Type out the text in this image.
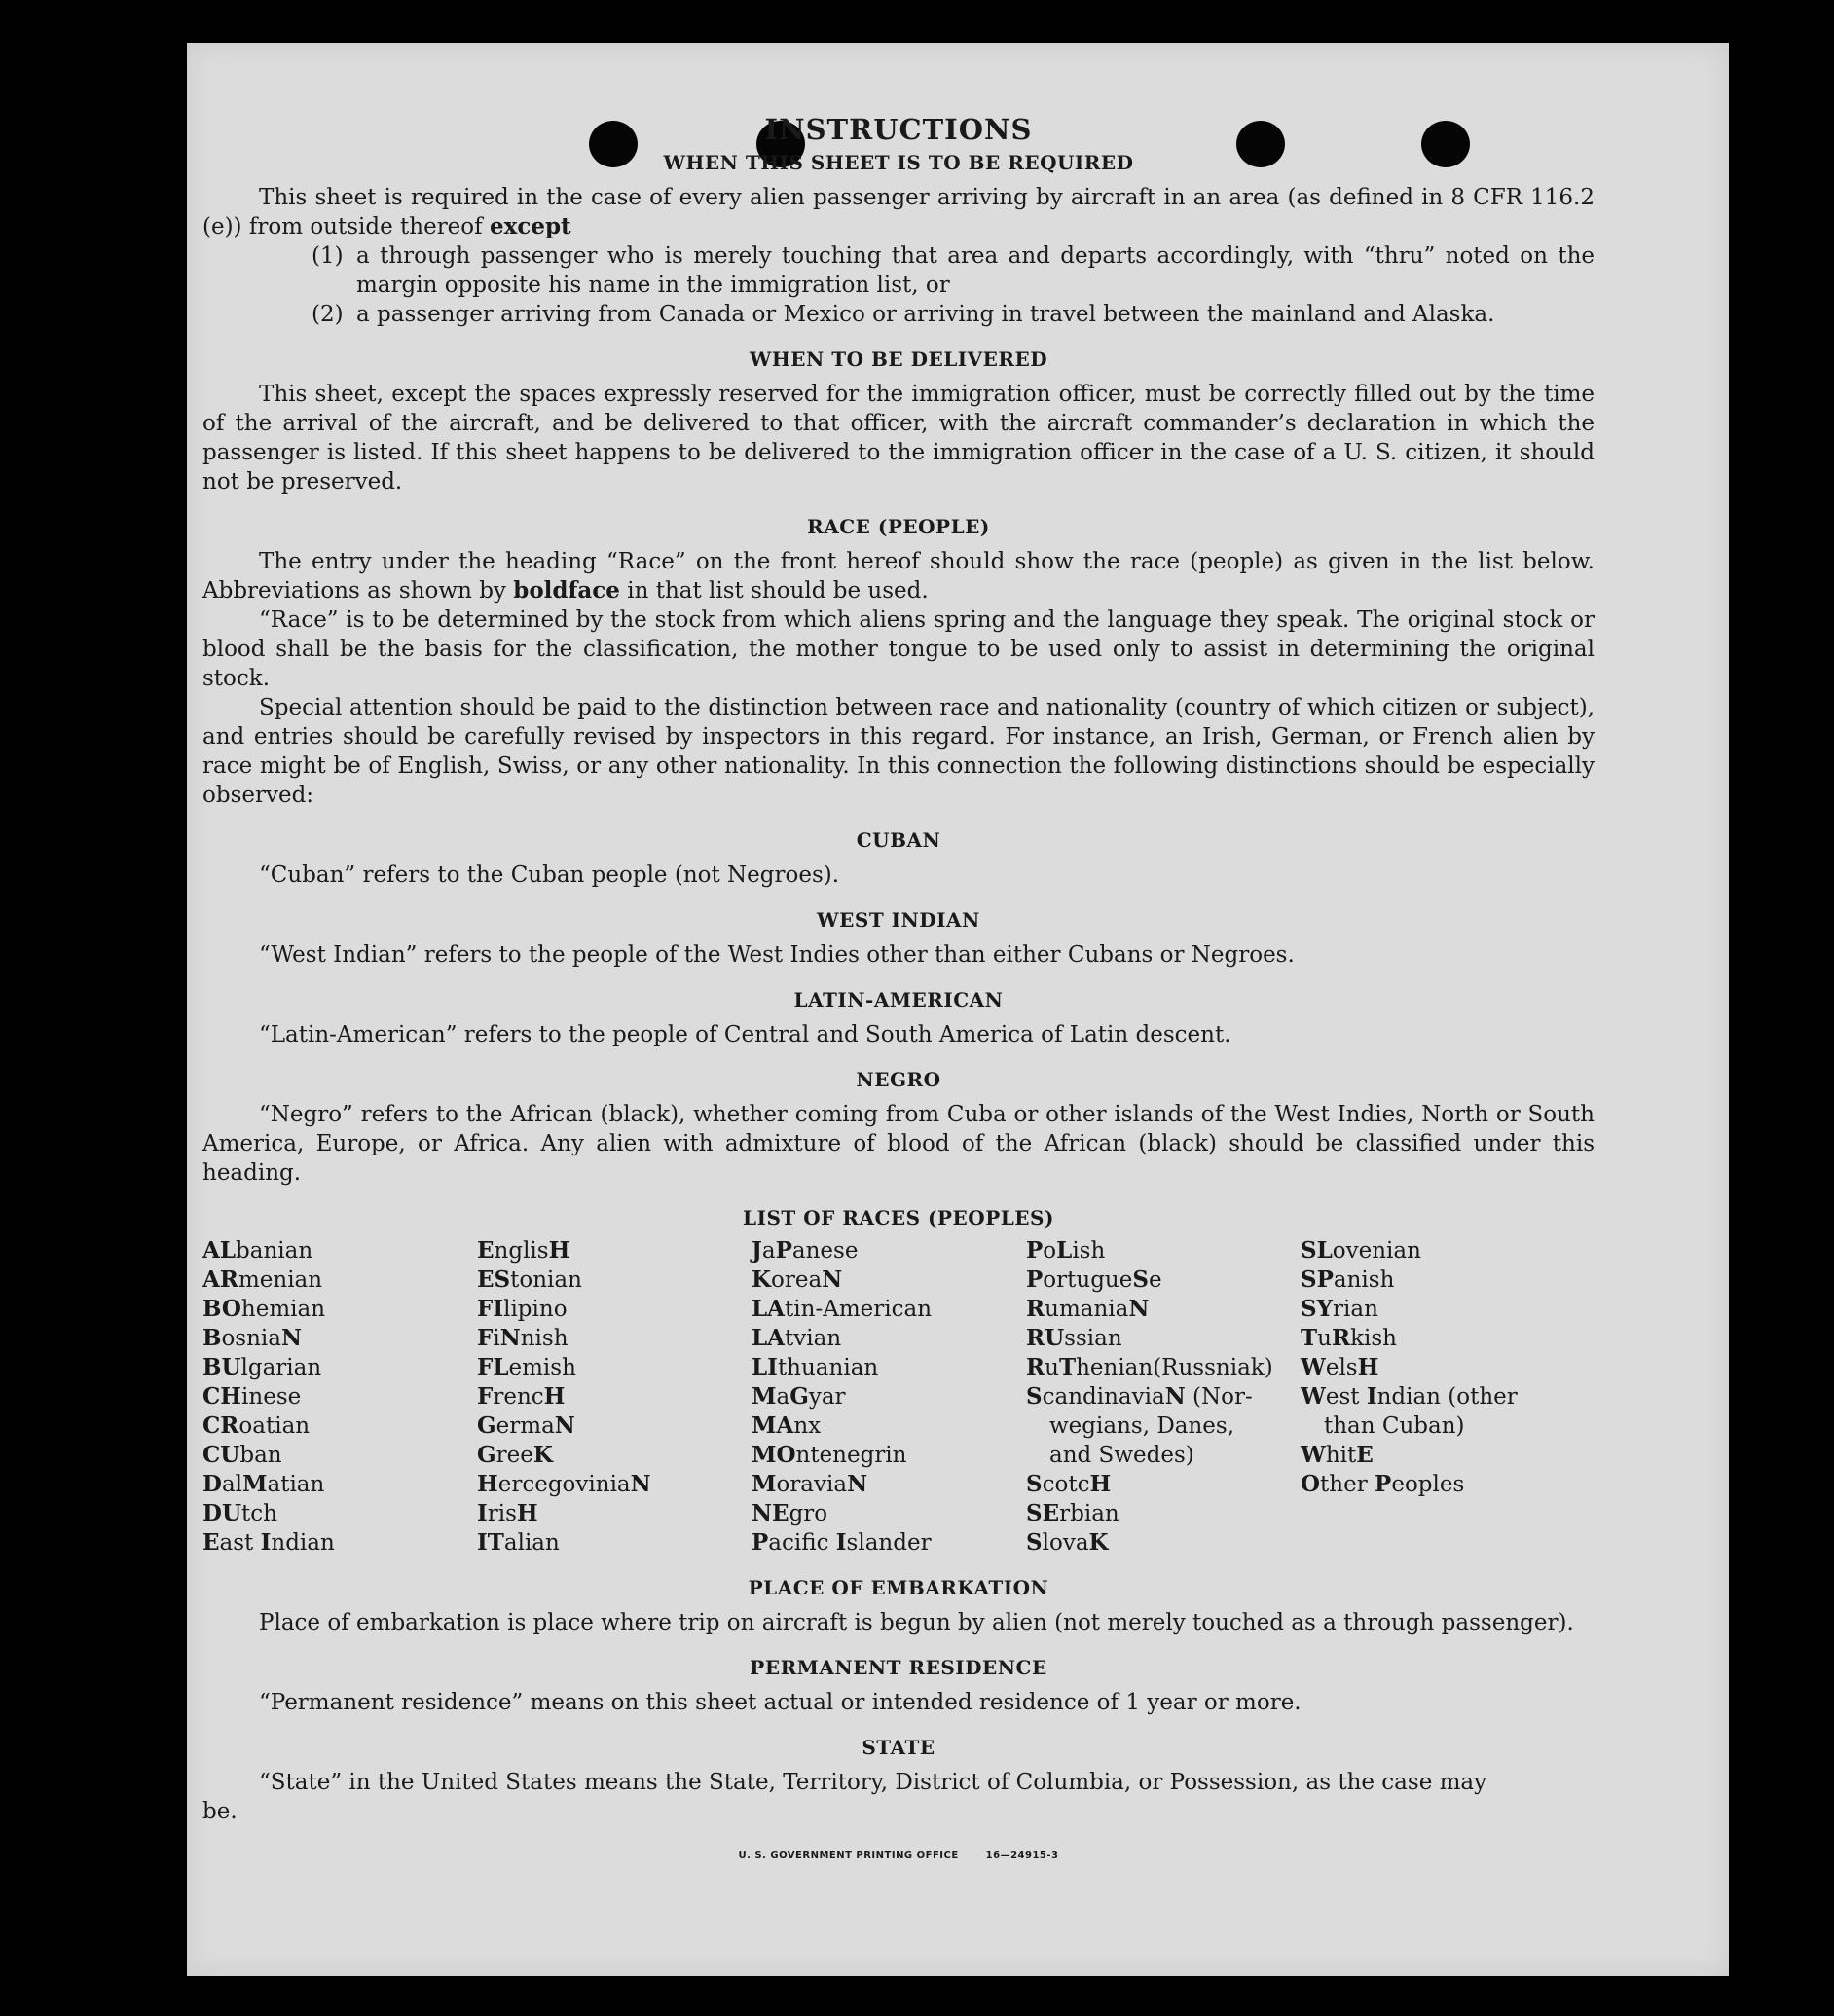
INSTRUCTIONS

WHEN THIS SHEET IS TO BE REQUIRED

This sheet is required in the case of every alien passenger arriving by aircraft in an area (as defined in 8 CFR 116.2 (e)) from outside thereof except

(1) a through passenger who is merely touching that area and departs accordingly, with “thru” noted on the margin opposite his name in the immigration list, or
(2) a passenger arriving from Canada or Mexico or arriving in travel between the mainland and Alaska.

WHEN TO BE DELIVERED

This sheet, except the spaces expressly reserved for the immigration officer, must be correctly filled out by the time of the arrival of the aircraft, and be delivered to that officer, with the aircraft commander’s declaration in which the passenger is listed. If this sheet happens to be delivered to the immigration officer in the case of a U. S. citizen, it should not be preserved.

RACE (PEOPLE)

The entry under the heading “Race” on the front hereof should show the race (people) as given in the list below. Abbreviations as shown by boldface in that list should be used.

“Race” is to be determined by the stock from which aliens spring and the language they speak. The original stock or blood shall be the basis for the classification, the mother tongue to be used only to assist in determining the original stock.

Special attention should be paid to the distinction between race and nationality (country of which citizen or subject), and entries should be carefully revised by inspectors in this regard. For instance, an Irish, German, or French alien by race might be of English, Swiss, or any other nationality. In this connection the following distinctions should be especially observed:

CUBAN

“Cuban” refers to the Cuban people (not Negroes).

WEST INDIAN

“West Indian” refers to the people of the West Indies other than either Cubans or Negroes.

LATIN-AMERICAN

“Latin-American” refers to the people of Central and South America of Latin descent.

NEGRO

“Negro” refers to the African (black), whether coming from Cuba or other islands of the West Indies, North or South America, Europe, or Africa. Any alien with admixture of blood of the African (black) should be classified under this heading.

LIST OF RACES (PEOPLES)

ALbanian
ARmenian
BOhemian
BosniaN
BUlgarian
CHinese
CRoatian
CUban
DalMatian
DUtch
East Indian
EnglisH
EStonian
FIlipino
FiNnish
FLemish
FrencH
GermaN
GreeK
HercegoviniaN
IrisH
ITalian
JaPanese
KoreaN
LAtin-American
LAtvian
LIthuanian
MaGyar
MAnx
MOntenegrin
MoraviaN
NEgro
Pacific Islander
PoLish
PortugueSe
RumaniaN
RUssian
RuThenian(Russniak)
ScandinaviaN (Nor-
wegians, Danes,
and Swedes)
ScotcH
SErbian
SlovaK
SLovenian
SPanish
SYrian
TuRkish
WelsH
West Indian (other
than Cuban)
WhitE
Other Peoples

PLACE OF EMBARKATION

Place of embarkation is place where trip on aircraft is begun by alien (not merely touched as a through passenger).

PERMANENT RESIDENCE

“Permanent residence” means on this sheet actual or intended residence of 1 year or more.

STATE

“State” in the United States means the State, Territory, District of Columbia, or Possession, as the case may

be.

U. S. GOVERNMENT PRINTING OFFICE	16—24915-3
